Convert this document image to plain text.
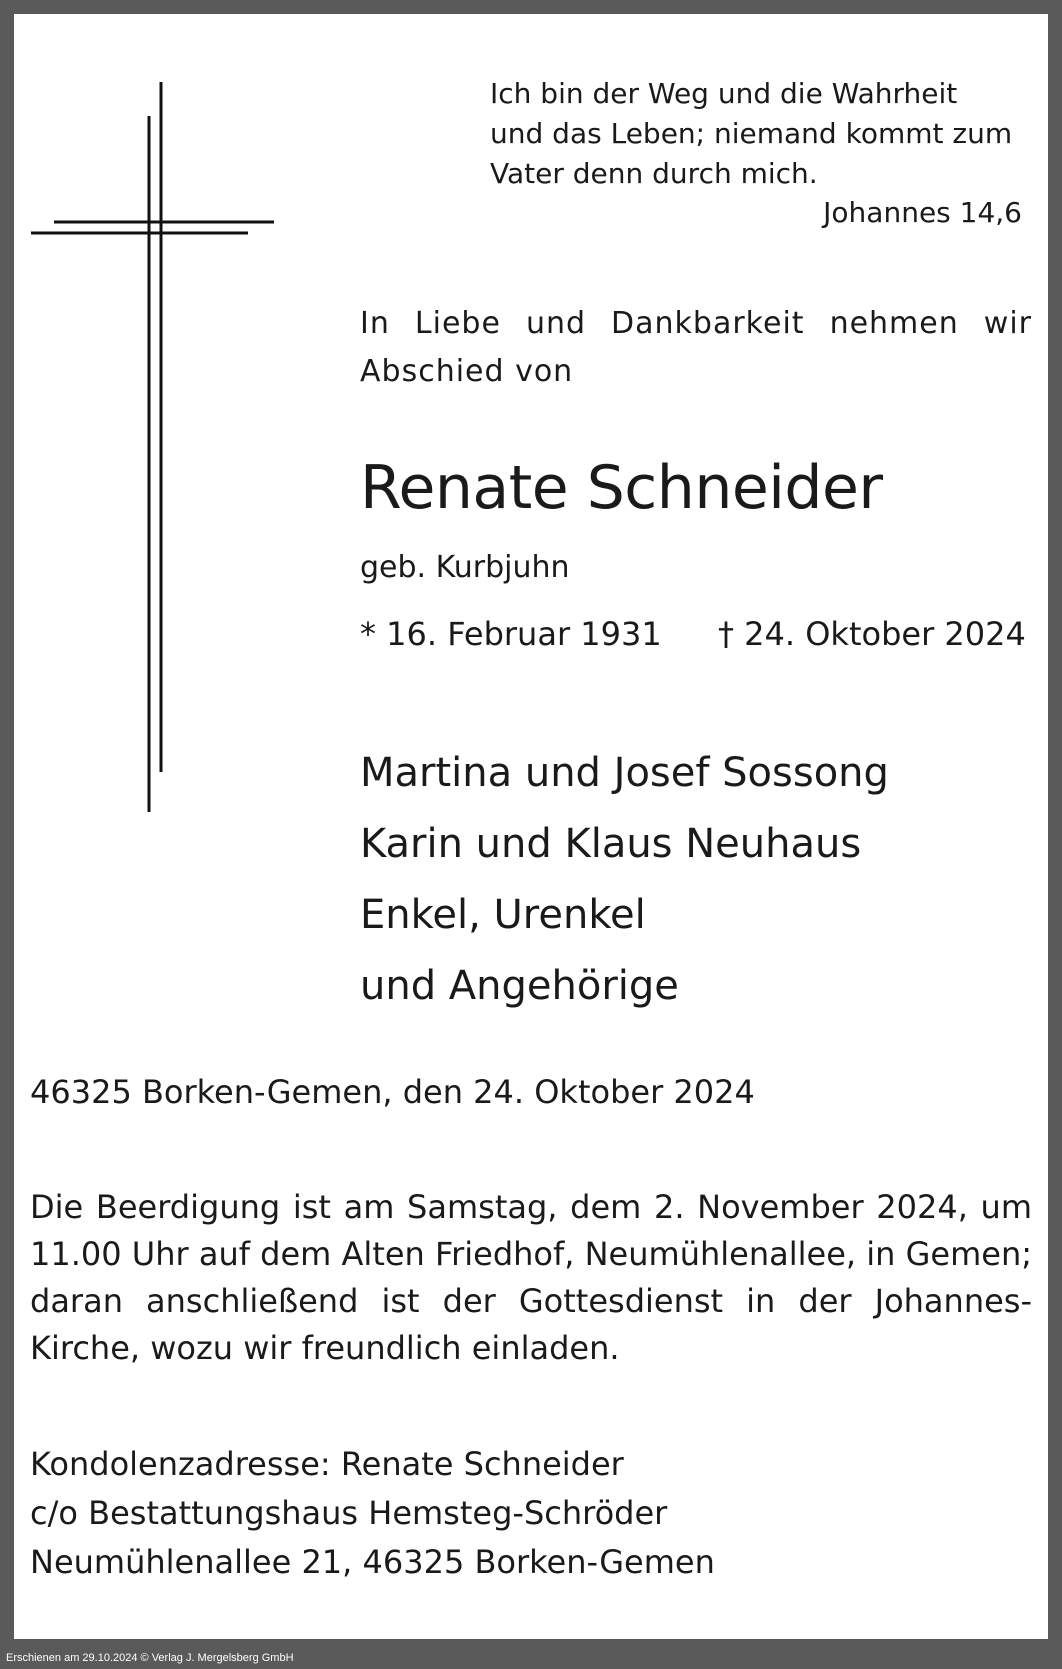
Ich bin der Weg und die Wahrheit
und das Leben; niemand kommt zum
Vater denn durch mich.
Johannes 14,6
In Liebe und Dankbarkeit nehmen wir Abschied von
Renate Schneider
geb. Kurbjuhn
* 16. Februar 1931 † 24. Oktober 2024
Martina und Josef Sossong
Karin und Klaus Neuhaus
Enkel, Urenkel
und Angehörige
46325 Borken-Gemen, den 24. Oktober 2024
Die Beerdigung ist am Samstag, dem 2. November 2024, um 11.00 Uhr auf dem Alten Friedhof, Neumühlenallee, in Gemen; daran anschließend ist der Gottesdienst in der Johannes-Kirche, wozu wir freundlich einladen.
Kondolenzadresse: Renate Schneider
c/o Bestattungshaus Hemsteg-Schröder
Neumühlenallee 21, 46325 Borken-Gemen
Erschienen am 29.10.2024 © Verlag J. Mergelsberg GmbH
